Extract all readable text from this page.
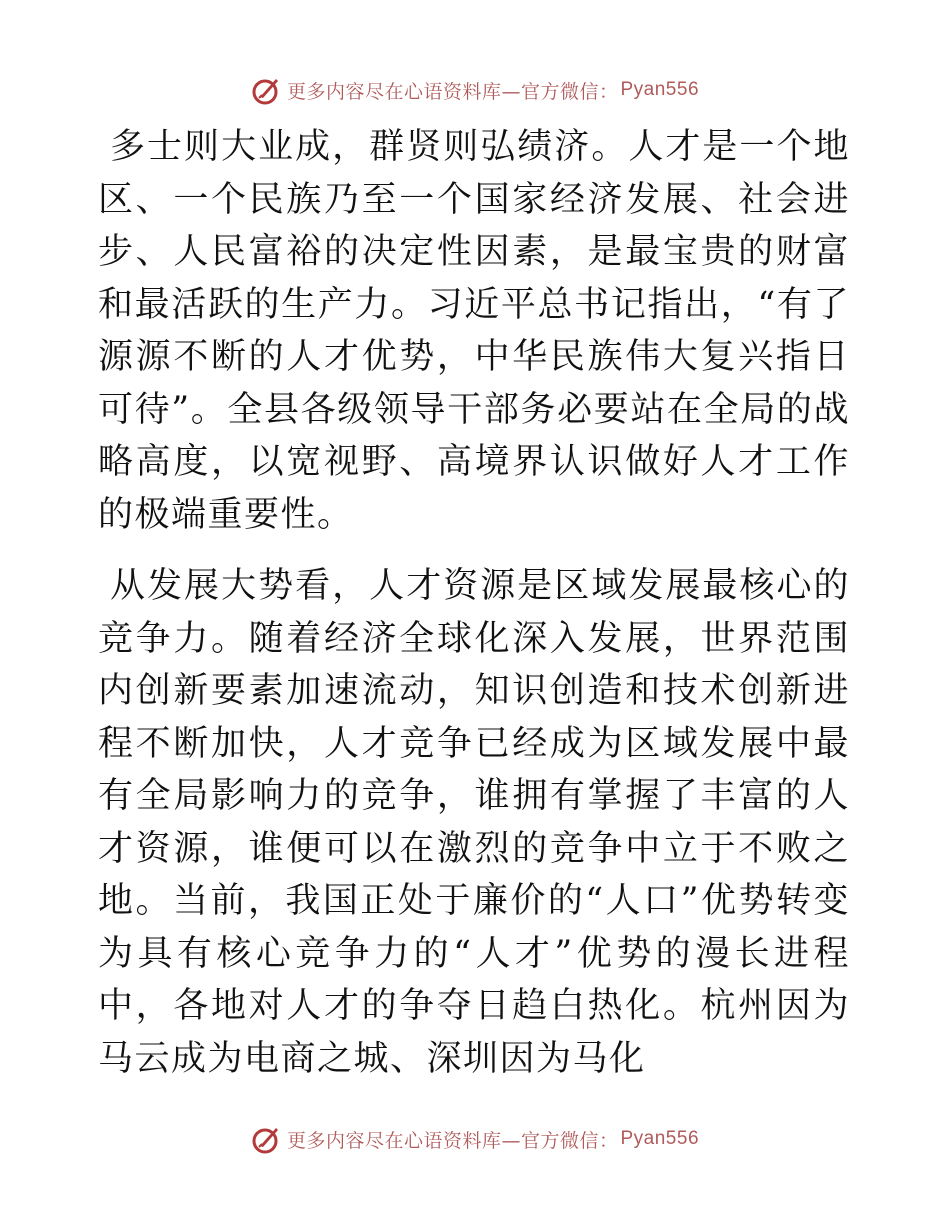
更多内容尽在心语资料库—官方微信： Pyan556

多士则大业成，群贤则弘绩济。人才是一个地区、一个民族乃至一个国家经济发展、社会进步、人民富裕的决定性因素，是最宝贵的财富和最活跃的生产力。习近平总书记指出，“有了源源不断的人才优势，中华民族伟大复兴指日可待”。全县各级领导干部务必要站在全局的战略高度，以宽视野、高境界认识做好人才工作的极端重要性。

从发展大势看，人才资源是区域发展最核心的竞争力。随着经济全球化深入发展，世界范围内创新要素加速流动，知识创造和技术创新进程不断加快，人才竞争已经成为区域发展中最有全局影响力的竞争，谁拥有掌握了丰富的人才资源，谁便可以在激烈的竞争中立于不败之地。当前，我国正处于廉价的“人口”优势转变为具有核心竞争力的“人才”优势的漫长进程中，各地对人才的争夺日趋白热化。杭州因为马云成为电商之城、深圳因为马化

更多内容尽在心语资料库—官方微信： Pyan556
